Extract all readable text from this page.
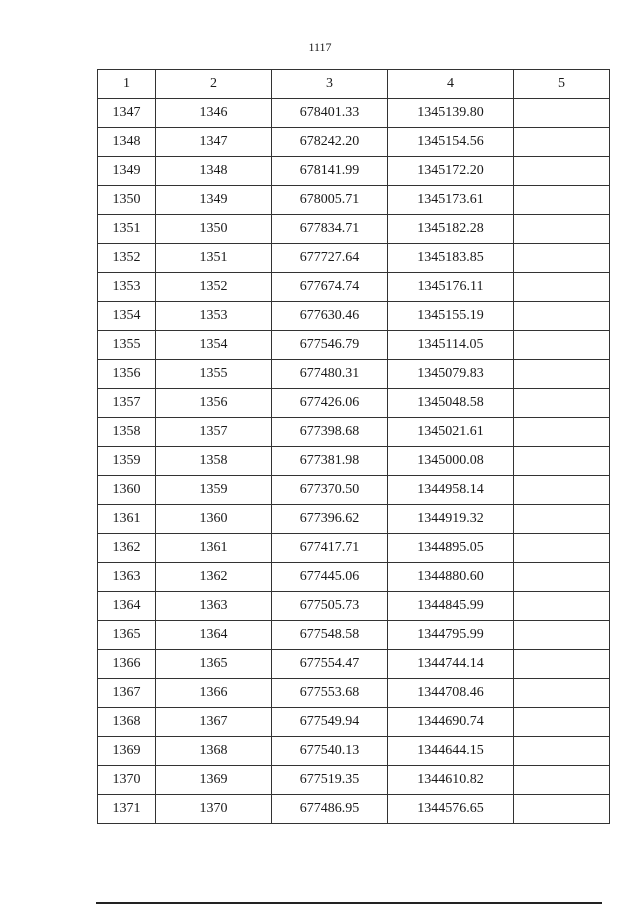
1117
1	2	3	4	5
1347	1346	678401.33	1345139.80	
1348	1347	678242.20	1345154.56	
1349	1348	678141.99	1345172.20	
1350	1349	678005.71	1345173.61	
1351	1350	677834.71	1345182.28	
1352	1351	677727.64	1345183.85	
1353	1352	677674.74	1345176.11	
1354	1353	677630.46	1345155.19	
1355	1354	677546.79	1345114.05	
1356	1355	677480.31	1345079.83	
1357	1356	677426.06	1345048.58	
1358	1357	677398.68	1345021.61	
1359	1358	677381.98	1345000.08	
1360	1359	677370.50	1344958.14	
1361	1360	677396.62	1344919.32	
1362	1361	677417.71	1344895.05	
1363	1362	677445.06	1344880.60	
1364	1363	677505.73	1344845.99	
1365	1364	677548.58	1344795.99	
1366	1365	677554.47	1344744.14	
1367	1366	677553.68	1344708.46	
1368	1367	677549.94	1344690.74	
1369	1368	677540.13	1344644.15	
1370	1369	677519.35	1344610.82	
1371	1370	677486.95	1344576.65	
